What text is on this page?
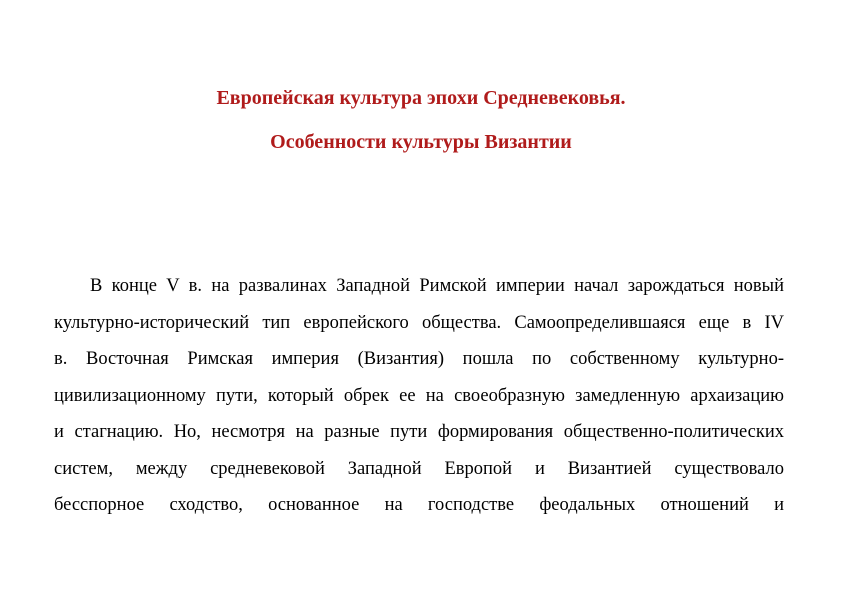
Европейская культура эпохи Средневековья.
Особенности культуры Византии
В конце V в. на развалинах Западной Римской империи начал зарождаться новый
культурно-исторический тип европейского общества. Самоопределившаяся еще в IV
в. Восточная Римская империя (Византия) пошла по собственному культурно-
цивилизационному пути, который обрек ее на своеобразную замедленную архаизацию
и стагнацию. Но, несмотря на разные пути формирования общественно-политических
систем, между средневековой Западной Европой и Византией существовало
бесспорное сходство, основанное на господстве феодальных отношений и
